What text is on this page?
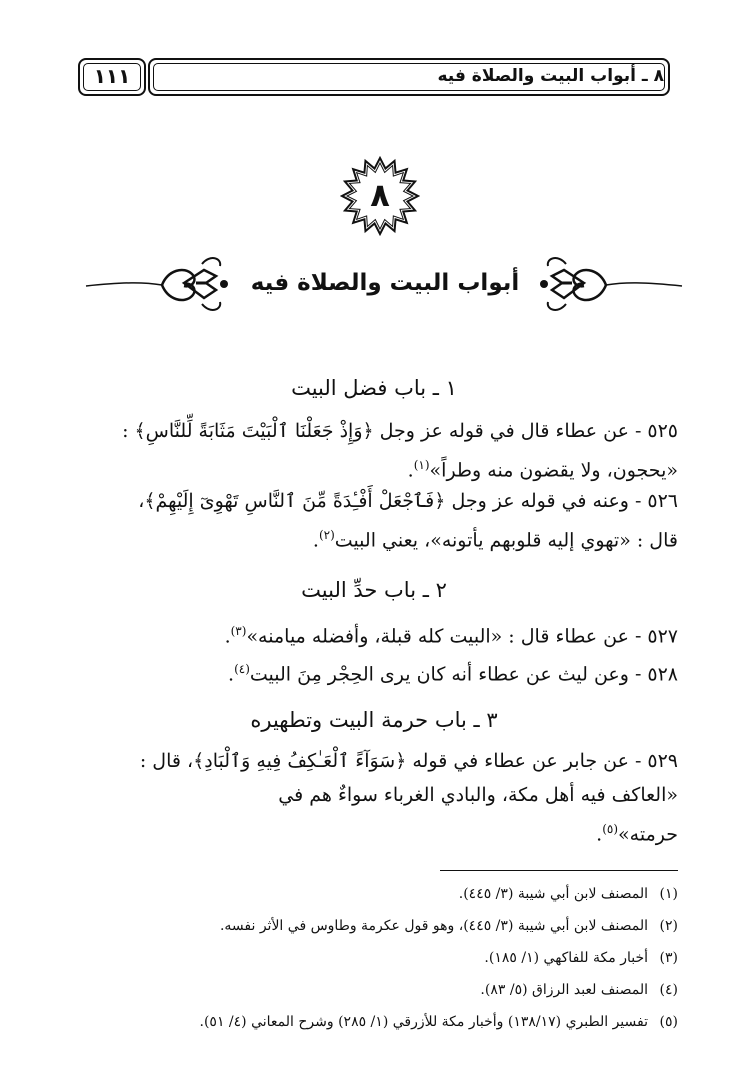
٨ ـ أبواب البيت والصلاة فيه
١١١
٨
أبواب البيت والصلاة فيه
١ ـ باب فضل البيت
٥٢٥-عن عطاء قال في قوله عز وجل ﴿وَإِذْ جَعَلْنَا ٱلْبَيْتَ مَثَابَةً لِّلنَّاسِ﴾ :
«يحجون، ولا يقضون منه وطراً»$^{(١)}$.
٥٢٦-وعنه في قوله عز وجل ﴿فَٱجْعَلْ أَفْـِٔدَةً مِّنَ ٱلنَّاسِ تَهْوِىٓ إِلَيْهِمْ﴾،
قال : «تهوي إليه قلوبهم يأتونه»، يعني البيت$^{(٢)}$.
٢ ـ باب حدِّ البيت
٥٢٧-عن عطاء قال : «البيت كله قبلة، وأفضله ميامنه»$^{(٣)}$.
٥٢٨-وعن ليث عن عطاء أنه كان يرى الحِجْر مِنَ البيت$^{(٤)}$.
٣ ـ باب حرمة البيت وتطهيره
٥٢٩-عن جابر عن عطاء في قوله ﴿سَوَآءً ٱلْعَـٰكِفُ فِيهِ وَٱلْبَادِ﴾، قال :
«العاكف فيه أهل مكة، والبادي الغرباء سواءٌ هم في
حرمته»$^{(٥)}$.
(١)المصنف لابن أبي شيبة (٣/ ٤٤٥).
(٢)المصنف لابن أبي شيبة (٣/ ٤٤٥)، وهو قول عكرمة وطاوس في الأثر نفسه.
(٣)أخبار مكة للفاكهي (١/ ١٨٥).
(٤)المصنف لعبد الرزاق (٥/ ٨٣).
(٥)تفسير الطبري (١٣٨/١٧) وأخبار مكة للأزرقي (١/ ٢٨٥) وشرح المعاني (٤/ ٥١).
